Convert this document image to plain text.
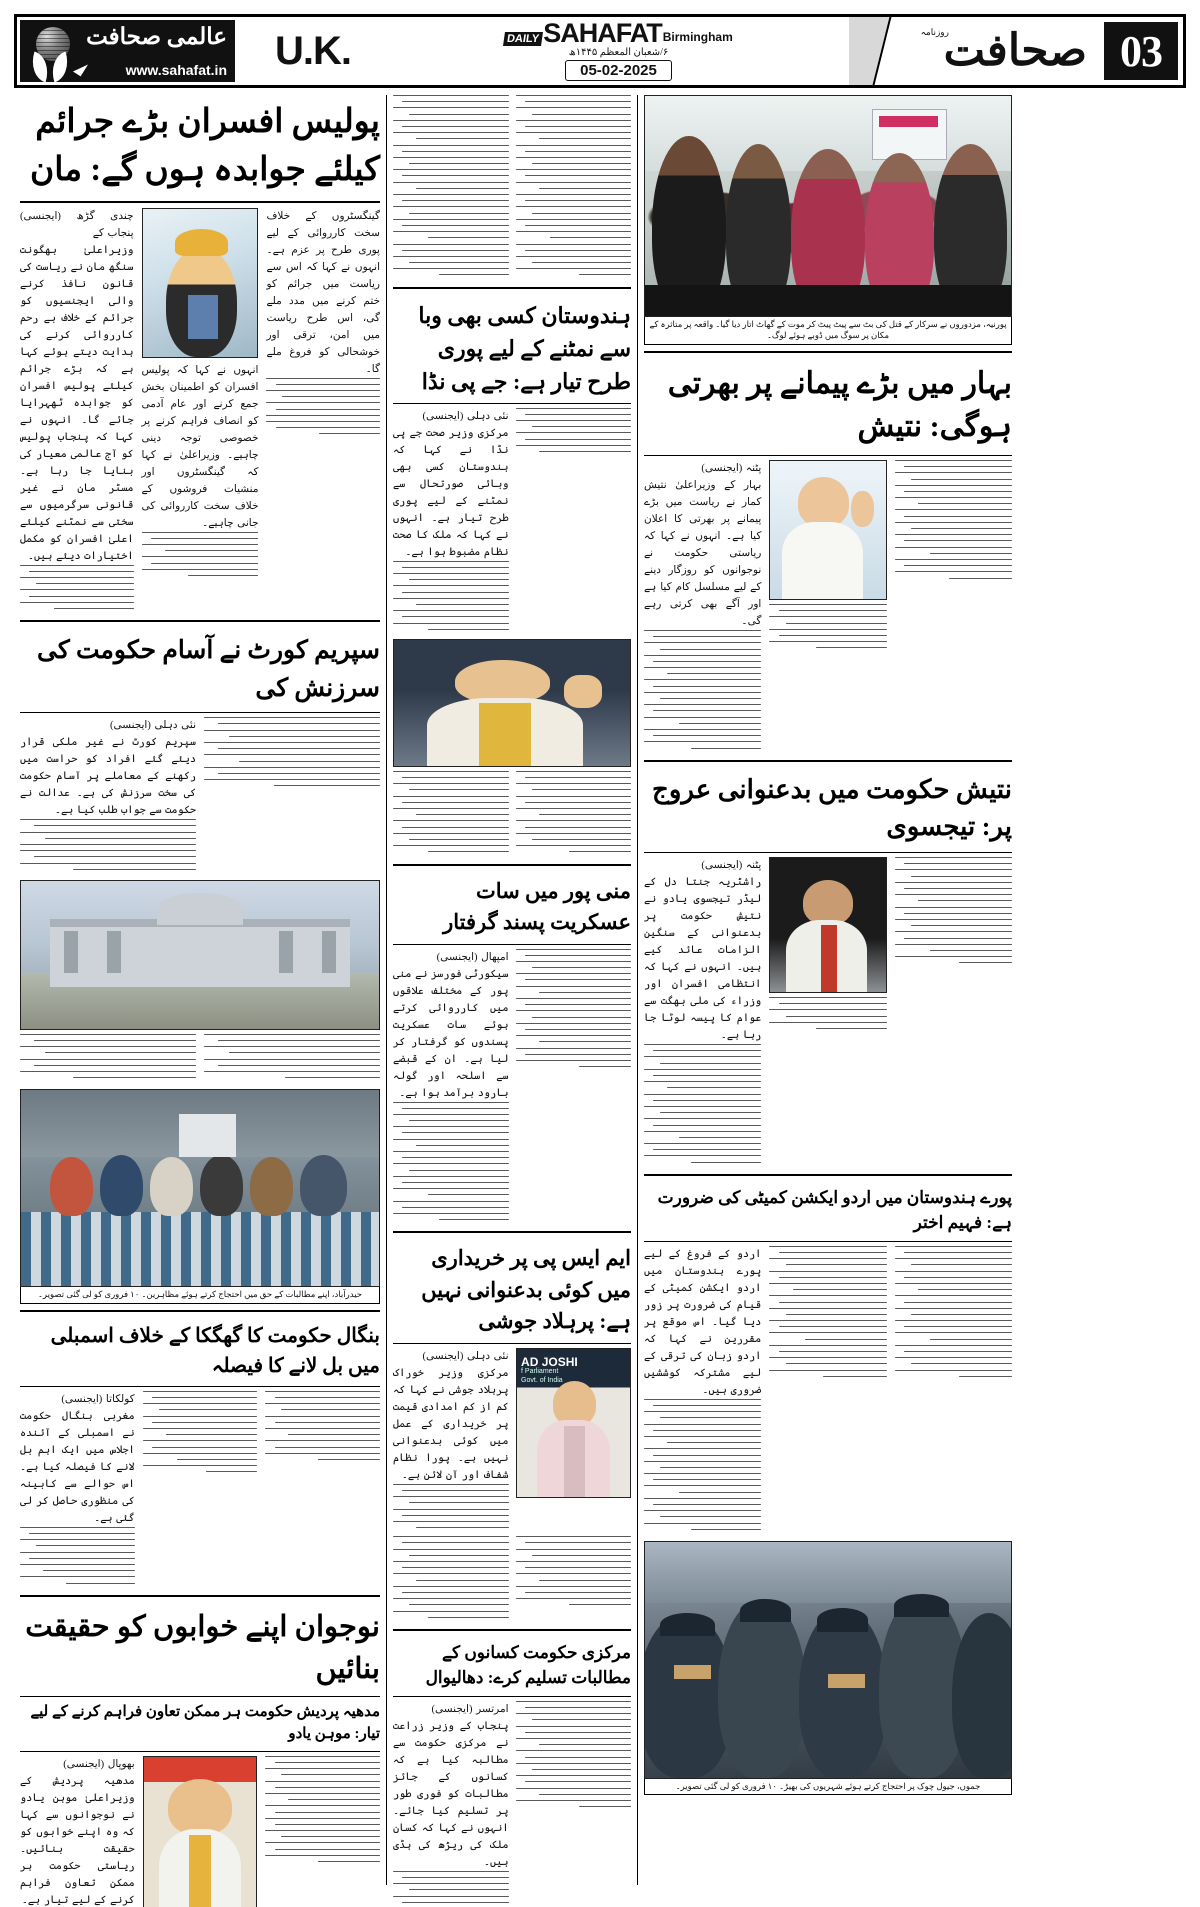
03
روزنامہ
صحافت
DAILY SAHAFAT Birmingham
۶/شعبان المعظم ۱۴۴۵ھ
05-02-2025
U.K.
عالمی صحافت
www.sahafat.in
پولیس افسران بڑے جرائم کیلئے جوابدہ ہوں گے: مان
چندی گڑھ (ایجنسی) پنجاب کے
وزیراعلیٰ بھگونت سنگھ مان نے ریاست کی قانون نافذ کرنے والی ایجنسیوں کو جرائم کے خلاف بے رحم کارروائی کرنے کی ہدایت دیتے ہوئے کہا ہے کہ بڑے جرائم کیلئے پولیس افسران کو جوابدہ ٹھہرایا جائے گا۔ انہوں نے کہا کہ پنجاب پولیس کو آج عالمی معیار کی بنایا جا رہا ہے۔ مسٹر مان نے غیر قانونی سرگرمیوں سے سختی سے نمٹنے کیلئے اعلیٰ افسران کو مکمل اختیارات دیئے ہیں۔
انہوں نے کہا کہ پولیس افسران کو اطمینان بخش جمع کرنے اور عام آدمی کو انصاف فراہم کرنے پر خصوصی توجہ دینی چاہیے۔ وزیراعلیٰ نے کہا کہ گینگسٹروں اور منشیات فروشوں کے خلاف سخت کارروائی کی جانی چاہیے۔
گینگسٹروں کے خلاف سخت کارروائی کے لیے پوری طرح پر عزم ہے۔ انہوں نے کہا کہ اس سے ریاست میں جرائم کو ختم کرنے میں مدد ملے گی، اس طرح ریاست میں امن، ترقی اور خوشحالی کو فروغ ملے گا۔
سپریم کورٹ نے آسام حکومت کی سرزنش کی
نئی دہلی (ایجنسی)
سپریم کورٹ نے غیر ملکی قرار دیئے گئے افراد کو حراست میں رکھنے کے معاملے پر آسام حکومت کی سخت سرزنش کی ہے۔ عدالت نے حکومت سے جواب طلب کیا ہے۔
حیدرآباد، اپنے مطالبات کے حق میں احتجاج کرتے ہوئے مظاہرین۔ ۱۰ فروری کو لی گئی تصویر۔
بنگال حکومت کا گھگکا کے خلاف اسمبلی میں بل لانے کا فیصلہ
کولکاتا (ایجنسی)
مغربی بنگال حکومت نے اسمبلی کے آئندہ اجلاس میں ایک اہم بل لانے کا فیصلہ کیا ہے۔ اس حوالے سے کابینہ کی منظوری حاصل کر لی گئی ہے۔
نوجوان اپنے خوابوں کو حقیقت بنائیں
مدھیہ پردیش حکومت ہر ممکن تعاون فراہم کرنے کے لیے تیار: موہن یادو
بھوپال (ایجنسی)
مدھیہ پردیش کے وزیراعلیٰ موہن یادو نے نوجوانوں سے کہا کہ وہ اپنے خوابوں کو حقیقت بنائیں۔ ریاستی حکومت ہر ممکن تعاون فراہم کرنے کے لیے تیار ہے۔
ہندوستان کسی بھی وبا سے نمٹنے کے لیے پوری طرح تیار ہے: جے پی نڈا
نئی دہلی (ایجنسی)
مرکزی وزیر صحت جے پی نڈا نے کہا کہ ہندوستان کسی بھی وبائی صورتحال سے نمٹنے کے لیے پوری طرح تیار ہے۔ انہوں نے کہا کہ ملک کا صحت نظام مضبوط ہوا ہے۔
منی پور میں سات عسکریت پسند گرفتار
امپھال (ایجنسی)
سیکورٹی فورسز نے منی پور کے مختلف علاقوں میں کارروائی کرتے ہوئے سات عسکریت پسندوں کو گرفتار کر لیا ہے۔ ان کے قبضے سے اسلحہ اور گولہ بارود برآمد ہوا ہے۔
ایم ایس پی پر خریداری میں کوئی بدعنوانی نہیں ہے: پرہلاد جوشی
نئی دہلی (ایجنسی)
مرکزی وزیر خوراک پرہلاد جوشی نے کہا کہ کم از کم امدادی قیمت پر خریداری کے عمل میں کوئی بدعنوانی نہیں ہے۔ پورا نظام شفاف اور آن لائن ہے۔
AD JOSHI
f Parliament
Govt. of India
مرکزی حکومت کسانوں کے مطالبات تسلیم کرے: دھالیوال
امرتسر (ایجنسی)
پنجاب کے وزیر زراعت نے مرکزی حکومت سے مطالبہ کیا ہے کہ کسانوں کے جائز مطالبات کو فوری طور پر تسلیم کیا جائے۔ انہوں نے کہا کہ کسان ملک کی ریڑھ کی ہڈی ہیں۔
پورنیہ، مزدوروں نے سرکار کے قتل کی بٹ سے پیٹ پیٹ کر موت کے گھاٹ اتار دیا گیا۔ واقعہ پر متاثرہ کے مکان پر سوگ میں ڈوبے ہوئے لوگ۔
بہار میں بڑے پیمانے پر بھرتی ہوگی: نتیش
پٹنہ (ایجنسی)
بہار کے وزیراعلیٰ نتیش کمار نے ریاست میں بڑے پیمانے پر بھرتی کا اعلان کیا ہے۔ انہوں نے کہا کہ ریاستی حکومت نے نوجوانوں کو روزگار دینے کے لیے مسلسل کام کیا ہے اور آگے بھی کرتی رہے گی۔
نتیش حکومت میں بدعنوانی عروج پر: تیجسوی
پٹنہ (ایجنسی)
راشٹریہ جنتا دل کے لیڈر تیجسوی یادو نے نتیش حکومت پر بدعنوانی کے سنگین الزامات عائد کیے ہیں۔ انہوں نے کہا کہ انتظامی افسران اور وزراء کی ملی بھگت سے عوام کا پیسہ لوٹا جا رہا ہے۔
پورے ہندوستان میں اردو ایکشن کمیٹی کی ضرورت ہے: فہیم اختر
اردو کے فروغ کے لیے پورے ہندوستان میں اردو ایکشن کمیٹی کے قیام کی ضرورت پر زور دیا گیا۔ اس موقع پر مقررین نے کہا کہ اردو زبان کی ترقی کے لیے مشترکہ کوششیں ضروری ہیں۔
جموں، جیول چوک پر احتجاج کرتے ہوئے شہریوں کی بھیڑ۔ ۱۰ فروری کو لی گئی تصویر۔
